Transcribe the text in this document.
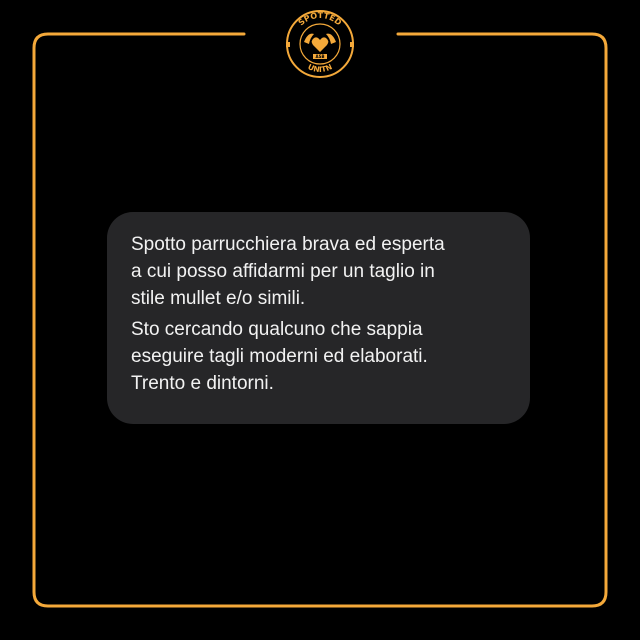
SPOTTED
UNITN
ASB

Spotto parrucchiera brava ed esperta
a cui posso affidarmi per un taglio in
stile mullet e/o simili.

Sto cercando qualcuno che sappia
eseguire tagli moderni ed elaborati.
Trento e dintorni.
